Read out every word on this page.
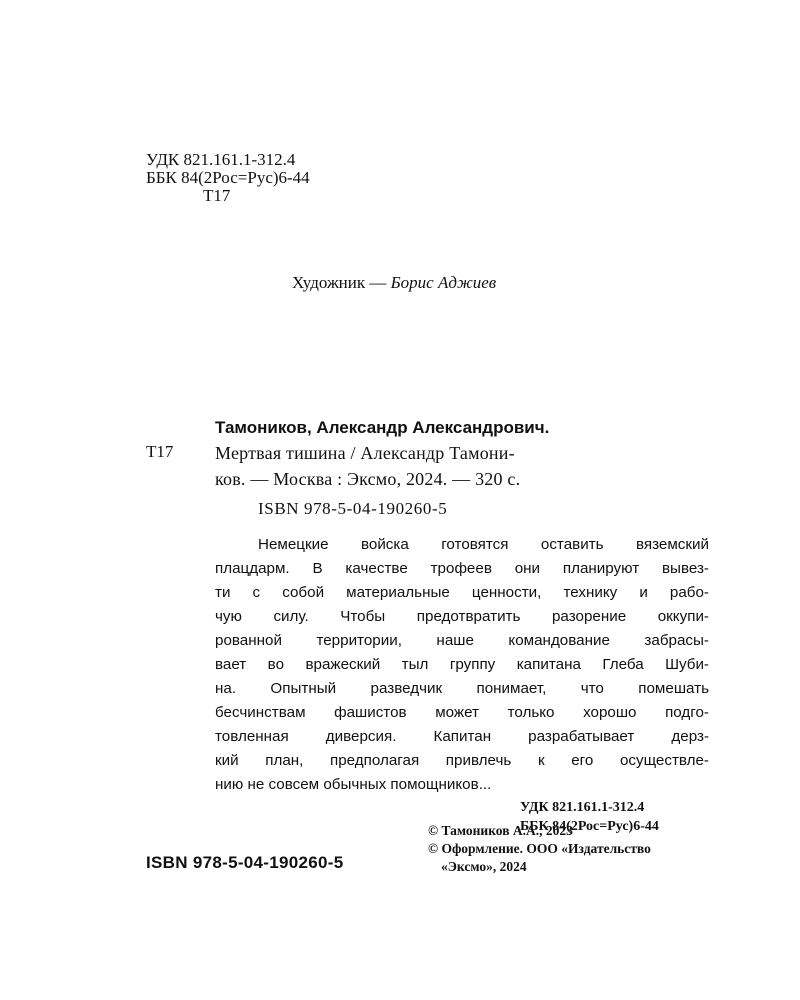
УДК 821.161.1-312.4
ББК 84(2Рос=Рус)6-44
Т17
Художник — Борис Аджиев
Тамоников, Александр Александрович.
Т17 Мертвая тишина / Александр Тамони-
ков. — Москва : Эксмо, 2024. — 320 с.
ISBN 978-5-04-190260-5
Немецкие войска готовятся оставить вяземский
плацдарм. В качестве трофеев они планируют вывез-
ти с собой материальные ценности, технику и рабо-
чую силу. Чтобы предотвратить разорение оккупи-
рованной территории, наше командование забрасы-
вает во вражеский тыл группу капитана Глеба Шуби-
на. Опытный разведчик понимает, что помешать
бесчинствам фашистов может только хорошо подго-
товленная диверсия. Капитан разрабатывает дерз-
кий план, предполагая привлечь к его осуществле-
нию не совсем обычных помощников...
УДК 821.161.1-312.4
ББК 84(2Рос=Рус)6-44
© Тамоников А.А., 2023
© Оформление. ООО «Издательство
«Эксмо», 2024
ISBN 978-5-04-190260-5
